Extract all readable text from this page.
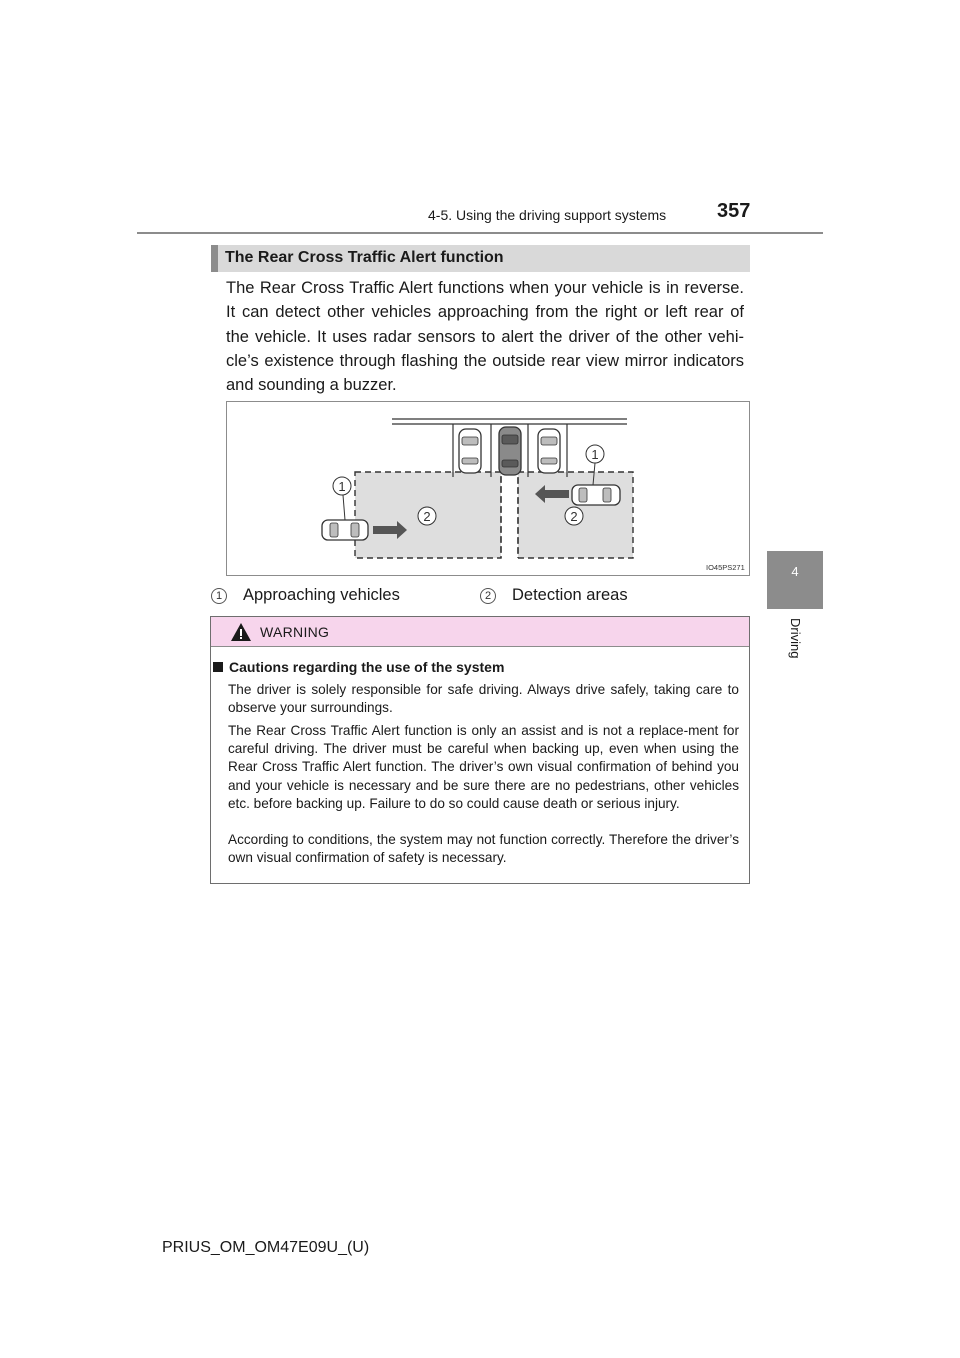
4-5. Using the driving support systems	357
4
Driving
The Rear Cross Traffic Alert function

The Rear Cross Traffic Alert functions when your vehicle is in reverse. It can detect other vehicles approaching from the right or left rear of the vehicle. It uses radar sensors to alert the driver of the other vehi-cle’s existence through flashing the outside rear view mirror indicators and sounding a buzzer.

1
1
2	2
IO45PS271
1 Approaching vehicles	2 Detection areas
WARNING
Cautions regarding the use of the system

The driver is solely responsible for safe driving. Always drive safely, taking care to observe your surroundings.

The Rear Cross Traffic Alert function is only an assist and is not a replace-ment for careful driving. The driver must be careful when backing up, even when using the Rear Cross Traffic Alert function. The driver’s own visual confirmation of behind you and your vehicle is necessary and be sure there are no pedestrians, other vehicles etc. before backing up. Failure to do so could cause death or serious injury.

According to conditions, the system may not function correctly. Therefore the driver’s own visual confirmation of safety is necessary.

PRIUS_OM_OM47E09U_(U)
